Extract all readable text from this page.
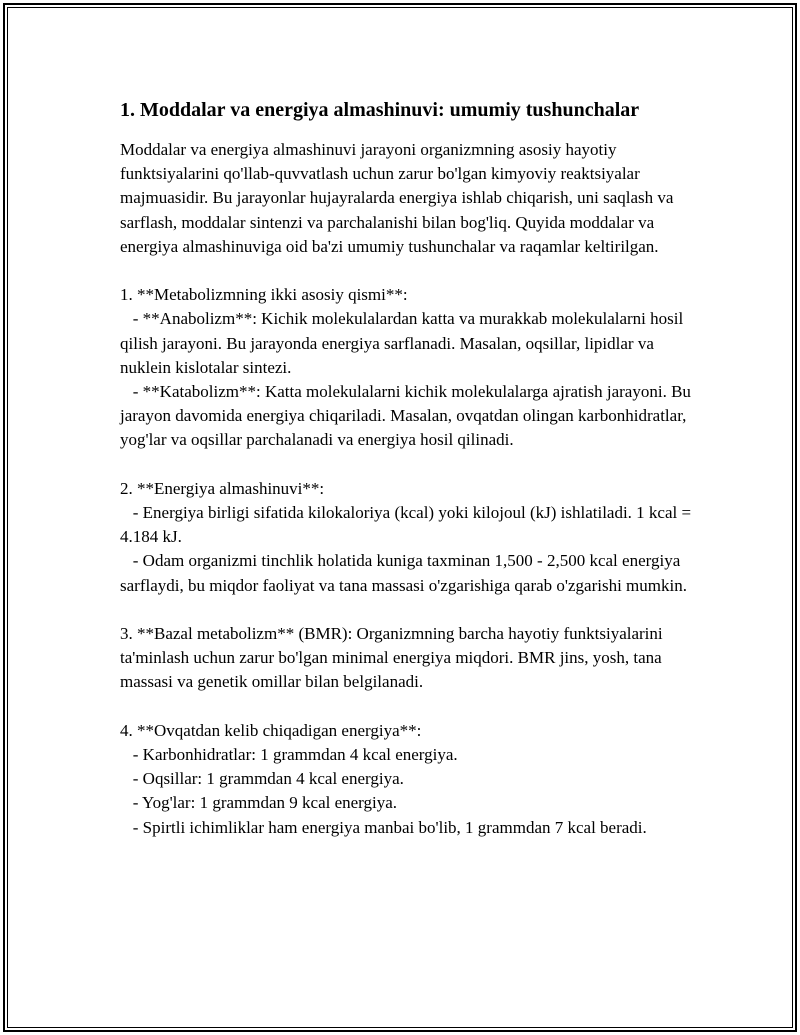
1. Moddalar va energiya almashinuvi: umumiy tushunchalar

Moddalar va energiya almashinuvi jarayoni organizmning asosiy hayotiy funktsiyalarini qo'llab-quvvatlash uchun zarur bo'lgan kimyoviy reaktsiyalar majmuasidir. Bu jarayonlar hujayralarda energiya ishlab chiqarish, uni saqlash va sarflash, moddalar sintenzi va parchalanishi bilan bog'liq. Quyida moddalar va energiya almashinuviga oid ba'zi umumiy tushunchalar va raqamlar keltirilgan.

1. **Metabolizmning ikki asosiy qismi**:
- **Anabolizm**: Kichik molekulalardan katta va murakkab molekulalarni hosil qilish jarayoni. Bu jarayonda energiya sarflanadi. Masalan, oqsillar, lipidlar va nuklein kislotalar sintezi.
- **Katabolizm**: Katta molekulalarni kichik molekulalarga ajratish jarayoni. Bu jarayon davomida energiya chiqariladi. Masalan, ovqatdan olingan karbonhidratlar, yog'lar va oqsillar parchalanadi va energiya hosil qilinadi.
2. **Energiya almashinuvi**:
- Energiya birligi sifatida kilokaloriya (kcal) yoki kilojoul (kJ) ishlatiladi. 1 kcal = 4.184 kJ.
- Odam organizmi tinchlik holatida kuniga taxminan 1,500 - 2,500 kcal energiya sarflaydi, bu miqdor faoliyat va tana massasi o'zgarishiga qarab o'zgarishi mumkin.
3. **Bazal metabolizm** (BMR): Organizmning barcha hayotiy funktsiyalarini ta'minlash uchun zarur bo'lgan minimal energiya miqdori. BMR jins, yosh, tana massasi va genetik omillar bilan belgilanadi.
4. **Ovqatdan kelib chiqadigan energiya**:
- Karbonhidratlar: 1 grammdan 4 kcal energiya.
- Oqsillar: 1 grammdan 4 kcal energiya.
- Yog'lar: 1 grammdan 9 kcal energiya.
- Spirtli ichimliklar ham energiya manbai bo'lib, 1 grammdan 7 kcal beradi.
